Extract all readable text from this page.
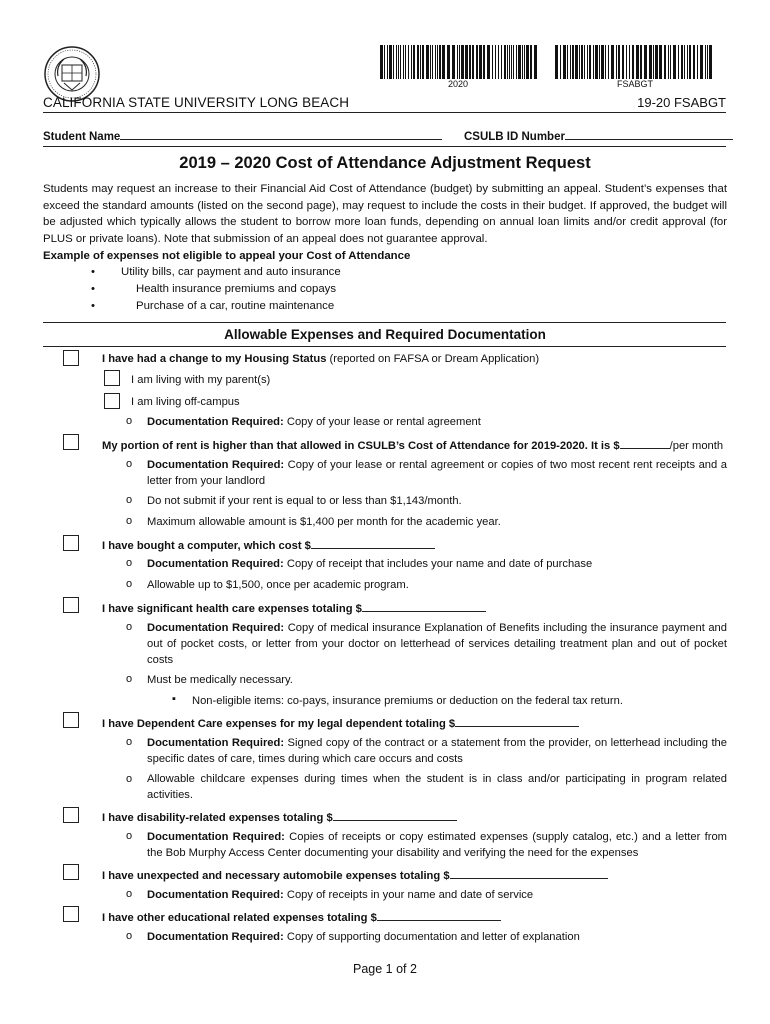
2020	FSABGT
CALIFORNIA STATE UNIVERSITY LONG BEACH	19-20 FSABGT
Student Name	CSULB ID Number
2019 – 2020 Cost of Attendance Adjustment Request
Students may request an increase to their Financial Aid Cost of Attendance (budget) by submitting an appeal. Student’s expenses that exceed the standard amounts (listed on the second page), may request to include the costs in their budget. If approved, the budget will be adjusted which typically allows the student to borrow more loan funds, depending on annual loan limits and/or credit approval (for PLUS or private loans). Note that submission of an appeal does not guarantee approval.
Example of expenses not eligible to appeal your Cost of Attendance
• Utility bills, car payment and auto insurance
•	Health insurance premiums and copays
•	Purchase of a car, routine maintenance
Allowable Expenses and Required Documentation
I have had a change to my Housing Status (reported on FAFSA or Dream Application)
I am living with my parent(s)
I am living off-campus
o Documentation Required: Copy of your lease or rental agreement
My portion of rent is higher than that allowed in CSULB’s Cost of Attendance for 2019-2020. It is $	/per month
o Documentation Required: Copy of your lease or rental agreement or copies of two most recent rent receipts and a letter from your landlord
o Do not submit if your rent is equal to or less than $1,143/month.
o Maximum allowable amount is $1,400 per month for the academic year.
I have bought a computer, which cost $
o Documentation Required: Copy of receipt that includes your name and date of purchase
o Allowable up to $1,500, once per academic program.
I have significant health care expenses totaling $
o Documentation Required: Copy of medical insurance Explanation of Benefits including the insurance payment and out of pocket costs, or letter from your doctor on letterhead of services detailing treatment plan and out of pocket costs
o Must be medically necessary.
▪ Non-eligible items: co-pays, insurance premiums or deduction on the federal tax return.
I have Dependent Care expenses for my legal dependent totaling $
o Documentation Required: Signed copy of the contract or a statement from the provider, on letterhead including the specific dates of care, times during which care occurs and costs
o Allowable childcare expenses during times when the student is in class and/or participating in program related activities.
I have disability-related expenses totaling $
o Documentation Required: Copies of receipts or copy estimated expenses (supply catalog, etc.) and a letter from the Bob Murphy Access Center documenting your disability and verifying the need for the expenses
I have unexpected and necessary automobile expenses totaling $
o Documentation Required: Copy of receipts in your name and date of service
I have other educational related expenses totaling $
o Documentation Required: Copy of supporting documentation and letter of explanation
Page 1 of 2
